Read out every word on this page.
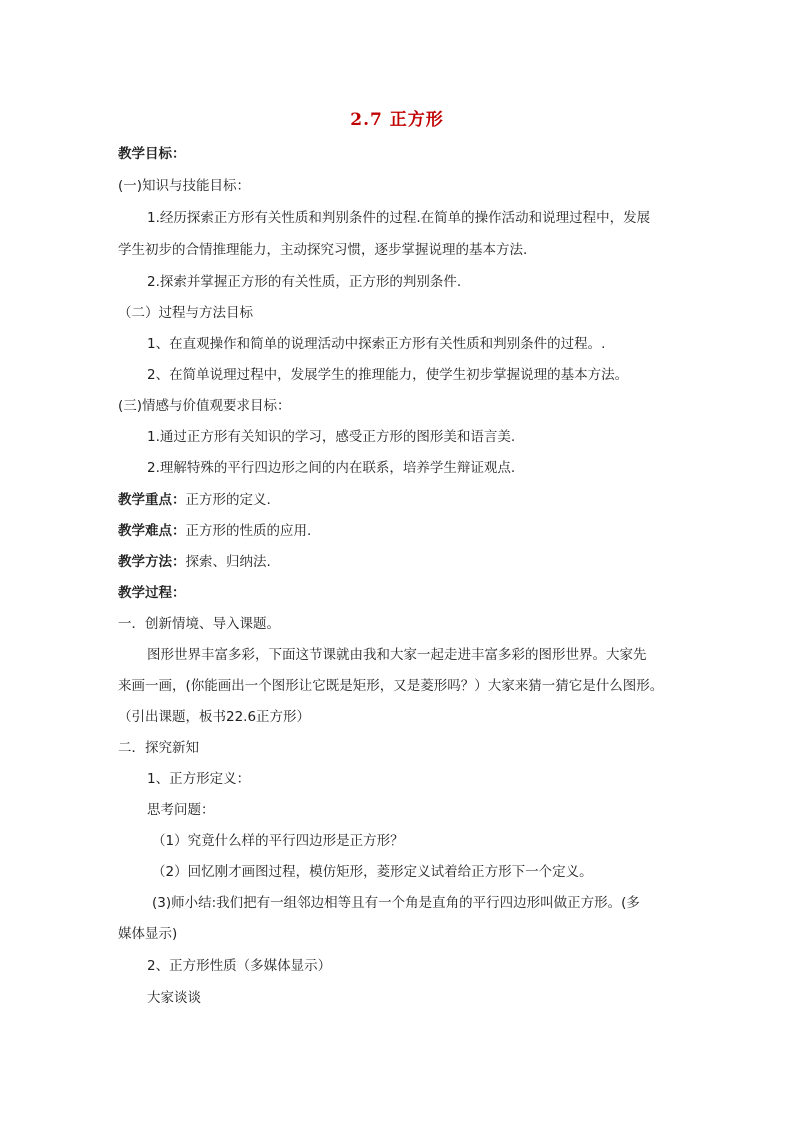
2.7 正方形
教学目标：
(一)知识与技能目标：
1.经历探索正方形有关性质和判别条件的过程.在简单的操作活动和说理过程中，发展
学生初步的合情推理能力，主动探究习惯，逐步掌握说理的基本方法.
2.探索并掌握正方形的有关性质，正方形的判别条件.
（二）过程与方法目标
1、在直观操作和简单的说理活动中探索正方形有关性质和判别条件的过程。.
2、在简单说理过程中，发展学生的推理能力，使学生初步掌握说理的基本方法。
(三)情感与价值观要求目标：
1.通过正方形有关知识的学习，感受正方形的图形美和语言美.
2.理解特殊的平行四边形之间的内在联系，培养学生辩证观点.
教学重点：正方形的定义.
教学难点：正方形的性质的应用.
教学方法：探索、归纳法.
教学过程：
一．创新情境、导入课题。
图形世界丰富多彩，下面这节课就由我和大家一起走进丰富多彩的图形世界。大家先
来画一画，(你能画出一个图形让它既是矩形，又是菱形吗？）大家来猜一猜它是什么图形。
（引出课题，板书22.6正方形）
二．探究新知
1、正方形定义：
思考问题：
（1）究竟什么样的平行四边形是正方形？
（2）回忆刚才画图过程，模仿矩形，菱形定义试着给正方形下一个定义。
(3)师小结:我们把有一组邻边相等且有一个角是直角的平行四边形叫做正方形。(多
媒体显示)
2、正方形性质（多媒体显示）
大家谈谈
